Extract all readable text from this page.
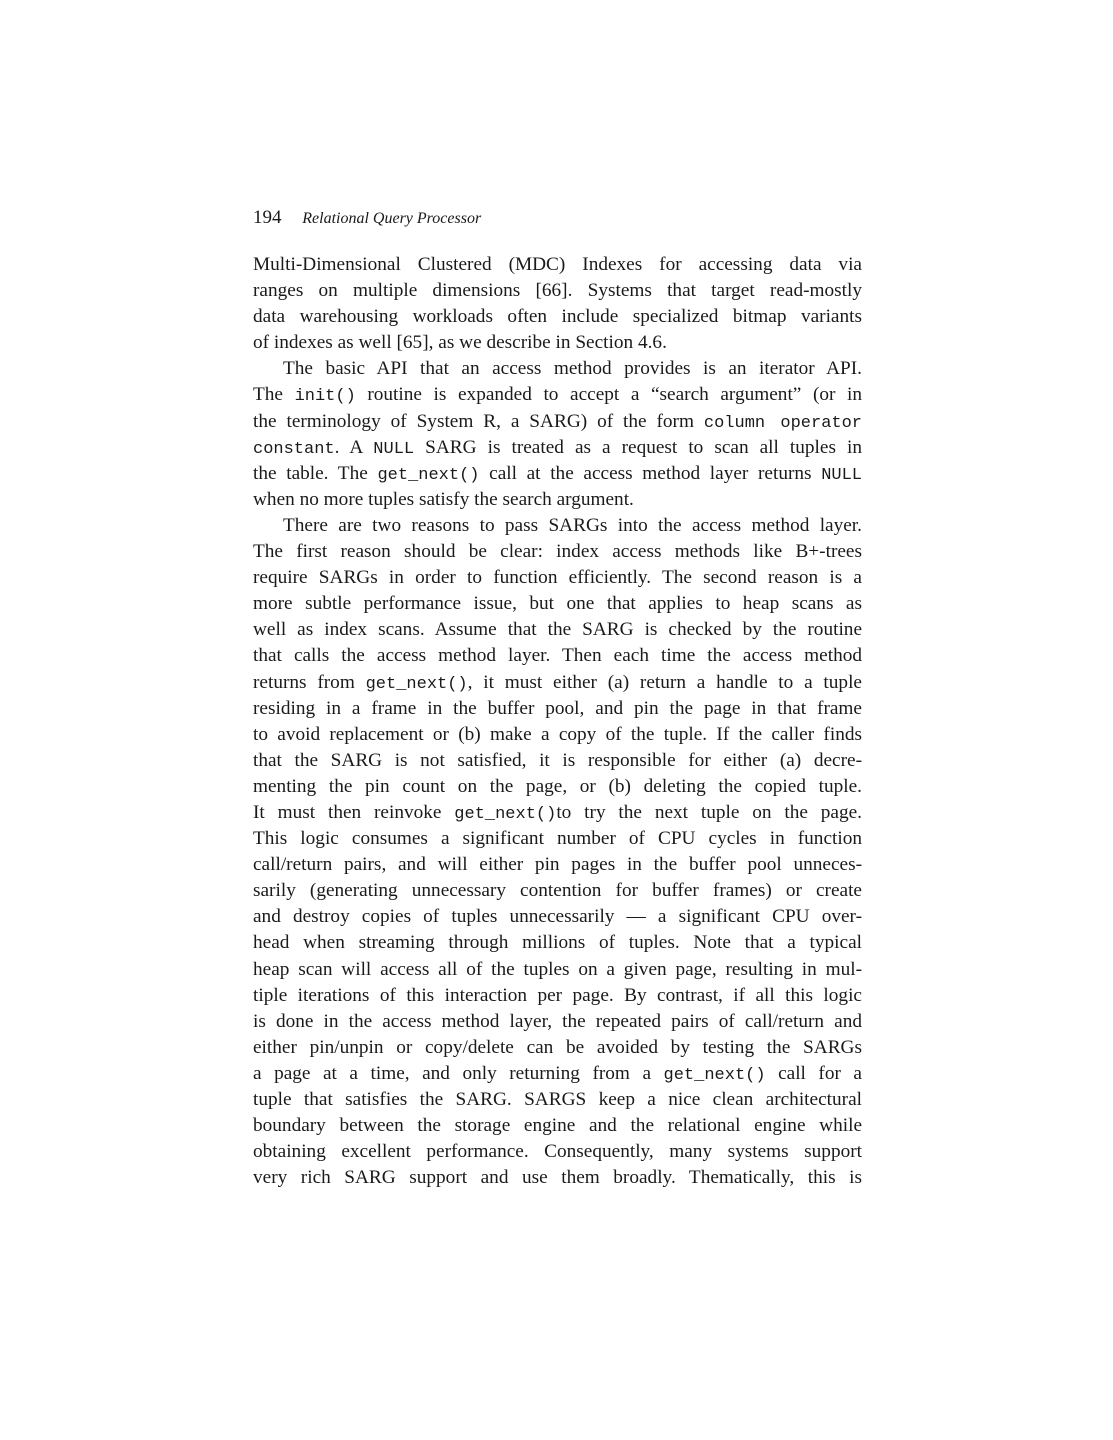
194 Relational Query Processor
Multi-Dimensional Clustered (MDC) Indexes for accessing data via
ranges on multiple dimensions [66]. Systems that target read-mostly
data warehousing workloads often include specialized bitmap variants
of indexes as well [65], as we describe in Section 4.6.
The basic API that an access method provides is an iterator API.
The init() routine is expanded to accept a “search argument” (or in
the terminology of System R, a SARG) of the form column operator
constant. A NULL SARG is treated as a request to scan all tuples in
the table. The get_next() call at the access method layer returns NULL
when no more tuples satisfy the search argument.
There are two reasons to pass SARGs into the access method layer.
The first reason should be clear: index access methods like B+-trees
require SARGs in order to function efficiently. The second reason is a
more subtle performance issue, but one that applies to heap scans as
well as index scans. Assume that the SARG is checked by the routine
that calls the access method layer. Then each time the access method
returns from get_next(), it must either (a) return a handle to a tuple
residing in a frame in the buffer pool, and pin the page in that frame
to avoid replacement or (b) make a copy of the tuple. If the caller finds
that the SARG is not satisfied, it is responsible for either (a) decre-
menting the pin count on the page, or (b) deleting the copied tuple.
It must then reinvoke get_next()to try the next tuple on the page.
This logic consumes a significant number of CPU cycles in function
call/return pairs, and will either pin pages in the buffer pool unneces-
sarily (generating unnecessary contention for buffer frames) or create
and destroy copies of tuples unnecessarily — a significant CPU over-
head when streaming through millions of tuples. Note that a typical
heap scan will access all of the tuples on a given page, resulting in mul-
tiple iterations of this interaction per page. By contrast, if all this logic
is done in the access method layer, the repeated pairs of call/return and
either pin/unpin or copy/delete can be avoided by testing the SARGs
a page at a time, and only returning from a get_next() call for a
tuple that satisfies the SARG. SARGS keep a nice clean architectural
boundary between the storage engine and the relational engine while
obtaining excellent performance. Consequently, many systems support
very rich SARG support and use them broadly. Thematically, this is
